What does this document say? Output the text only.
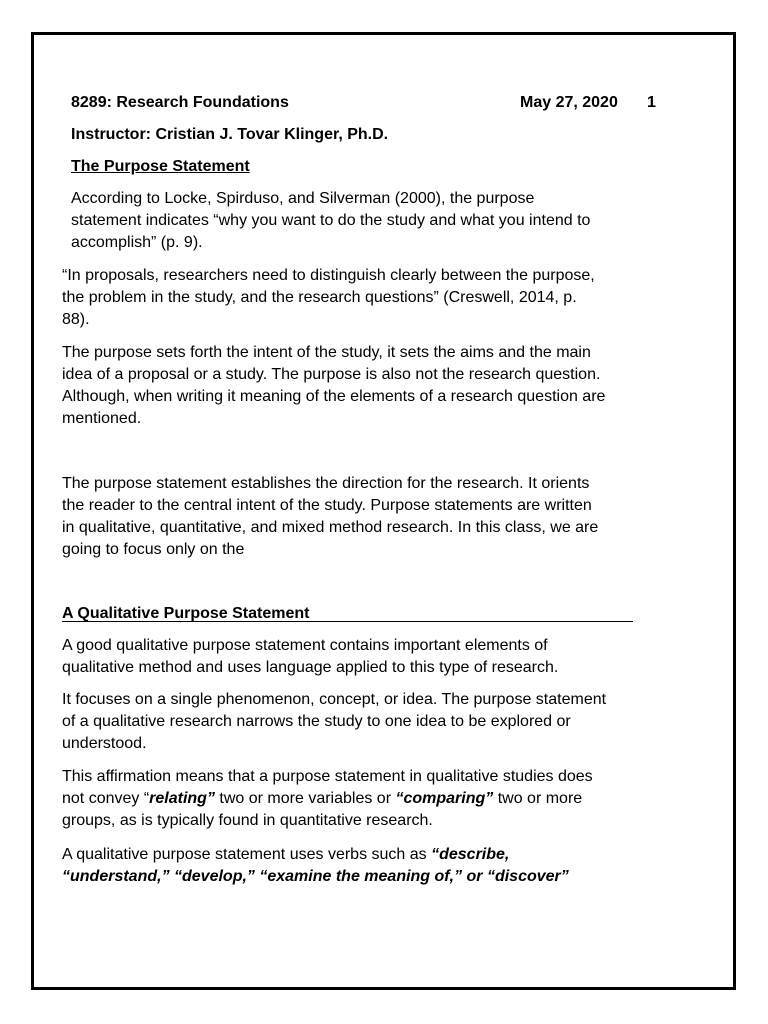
8289: Research Foundations	May 27, 2020 1
Instructor: Cristian J. Tovar Klinger, Ph.D.
The Purpose Statement
According to Locke, Spirduso, and Silverman (2000), the purpose
statement indicates “why you want to do the study and what you intend to
accomplish” (p. 9).
“In proposals, researchers need to distinguish clearly between the purpose,
the problem in the study, and the research questions” (Creswell, 2014, p.
88).
The purpose sets forth the intent of the study, it sets the aims and the main
idea of a proposal or a study. The purpose is also not the research question.
Although, when writing it meaning of the elements of a research question are
mentioned.
The purpose statement establishes the direction for the research. It orients
the reader to the central intent of the study. Purpose statements are written
in qualitative, quantitative, and mixed method research. In this class, we are
going to focus only on the
A Qualitative Purpose Statement
A good qualitative purpose statement contains important elements of
qualitative method and uses language applied to this type of research.
It focuses on a single phenomenon, concept, or idea. The purpose statement
of a qualitative research narrows the study to one idea to be explored or
understood.
This affirmation means that a purpose statement in qualitative studies does
not convey “relating” two or more variables or “comparing” two or more
groups, as is typically found in quantitative research.
A qualitative purpose statement uses verbs such as “describe,
“understand,” “develop,” “examine the meaning of,” or “discover”
